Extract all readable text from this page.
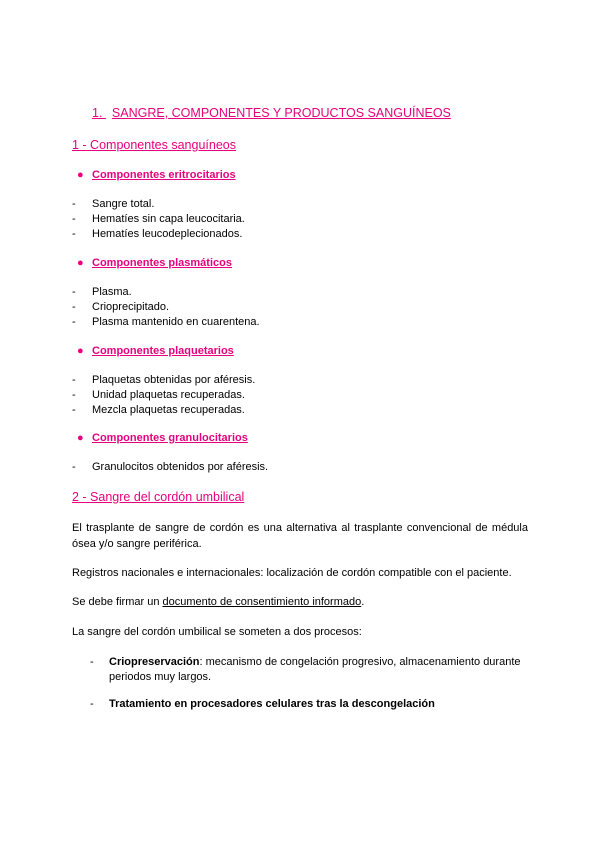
1. SANGRE, COMPONENTES Y PRODUCTOS SANGUÍNEOS
1 - Componentes sanguíneos
● Componentes eritrocitarios
- Sangre total.
- Hematíes sin capa leucocitaria.
- Hematíes leucodeplecionados.
● Componentes plasmáticos
- Plasma.
- Crioprecipitado.
- Plasma mantenido en cuarentena.
● Componentes plaquetarios
- Plaquetas obtenidas por aféresis.
- Unidad plaquetas recuperadas.
- Mezcla plaquetas recuperadas.
● Componentes granulocitarios
- Granulocitos obtenidos por aféresis.
2 - Sangre del cordón umbilical
El trasplante de sangre de cordón es una alternativa al trasplante convencional de médula ósea y/o sangre periférica.
Registros nacionales e internacionales: localización de cordón compatible con el paciente.
Se debe firmar un documento de consentimiento informado.
La sangre del cordón umbilical se someten a dos procesos:
- Criopreservación: mecanismo de congelación progresivo, almacenamiento durante periodos muy largos.
- Tratamiento en procesadores celulares tras la descongelación
